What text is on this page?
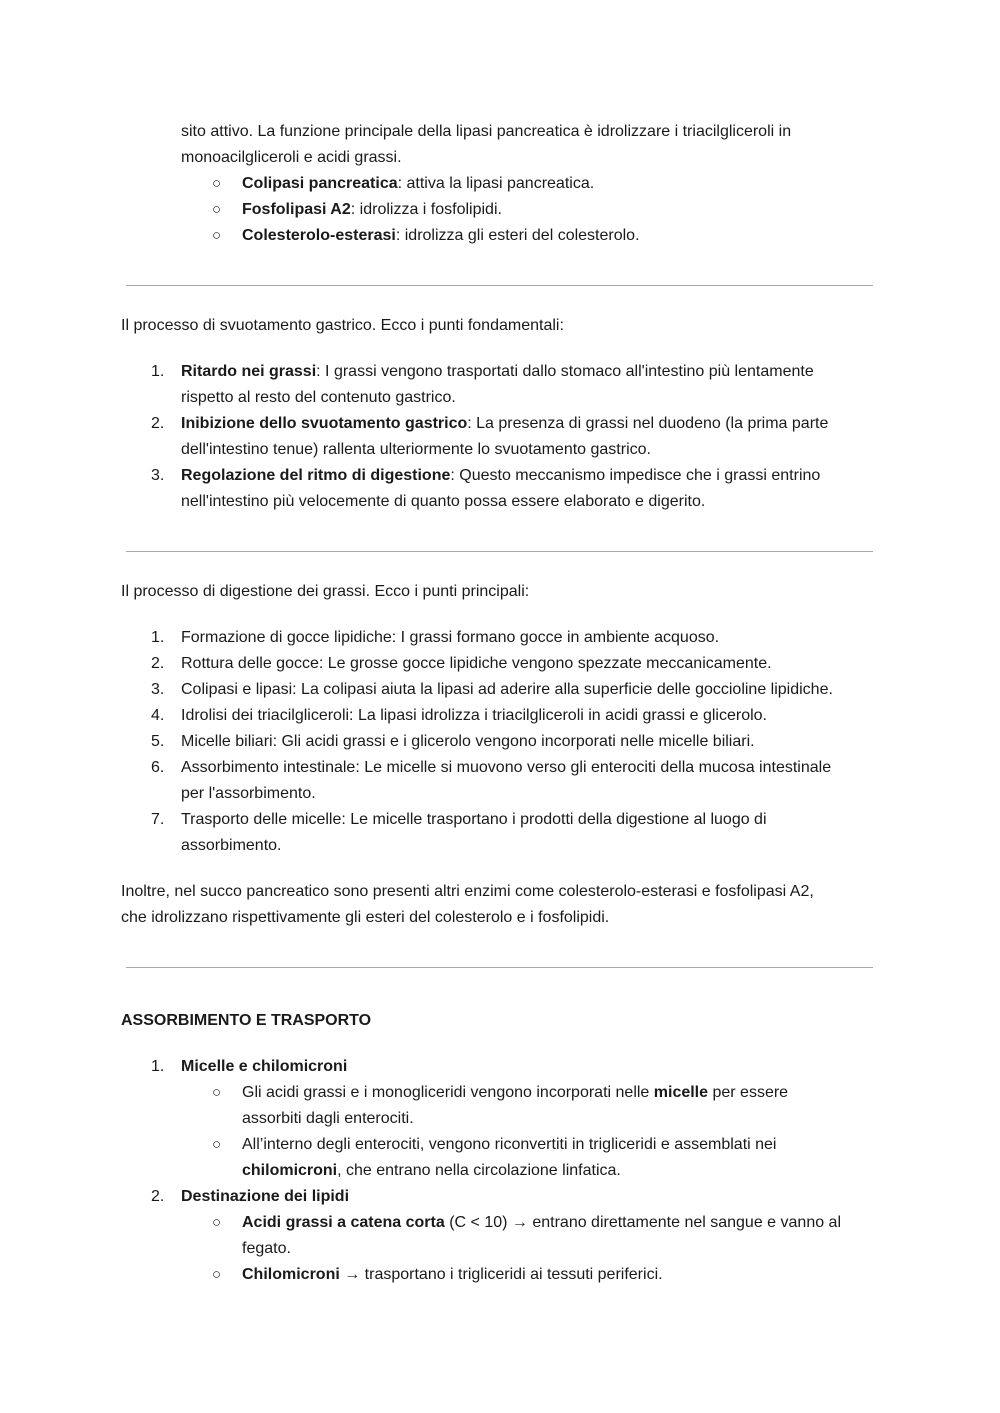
sito attivo. La funzione principale della lipasi pancreatica è idrolizzare i triacilgliceroli in
monoacilgliceroli e acidi grassi.
○	Colipasi pancreatica: attiva la lipasi pancreatica.
○	Fosfolipasi A2: idrolizza i fosfolipidi.
○	Colesterolo-esterasi: idrolizza gli esteri del colesterolo.
Il processo di svuotamento gastrico. Ecco i punti fondamentali:
1.	Ritardo nei grassi: I grassi vengono trasportati dallo stomaco all'intestino più lentamente
rispetto al resto del contenuto gastrico.
2.	Inibizione dello svuotamento gastrico: La presenza di grassi nel duodeno (la prima parte
dell'intestino tenue) rallenta ulteriormente lo svuotamento gastrico.
3.	Regolazione del ritmo di digestione: Questo meccanismo impedisce che i grassi entrino
nell'intestino più velocemente di quanto possa essere elaborato e digerito.
Il processo di digestione dei grassi. Ecco i punti principali:
1.	Formazione di gocce lipidiche: I grassi formano gocce in ambiente acquoso.
2.	Rottura delle gocce: Le grosse gocce lipidiche vengono spezzate meccanicamente.
3.	Colipasi e lipasi: La colipasi aiuta la lipasi ad aderire alla superficie delle goccioline lipidiche.
4.	Idrolisi dei triacilgliceroli: La lipasi idrolizza i triacilgliceroli in acidi grassi e glicerolo.
5.	Micelle biliari: Gli acidi grassi e i glicerolo vengono incorporati nelle micelle biliari.
6.	Assorbimento intestinale: Le micelle si muovono verso gli enterociti della mucosa intestinale
per l'assorbimento.
7.	Trasporto delle micelle: Le micelle trasportano i prodotti della digestione al luogo di
assorbimento.
Inoltre, nel succo pancreatico sono presenti altri enzimi come colesterolo-esterasi e fosfolipasi A2,
che idrolizzano rispettivamente gli esteri del colesterolo e i fosfolipidi.
ASSORBIMENTO E TRASPORTO
1.	Micelle e chilomicroni
○	Gli acidi grassi e i monogliceridi vengono incorporati nelle micelle per essere
assorbiti dagli enterociti.
○	All’interno degli enterociti, vengono riconvertiti in trigliceridi e assemblati nei
chilomicroni, che entrano nella circolazione linfatica.
2.	Destinazione dei lipidi
○	Acidi grassi a catena corta (C < 10) → entrano direttamente nel sangue e vanno al
fegato.
○	Chilomicroni → trasportano i trigliceridi ai tessuti periferici.
